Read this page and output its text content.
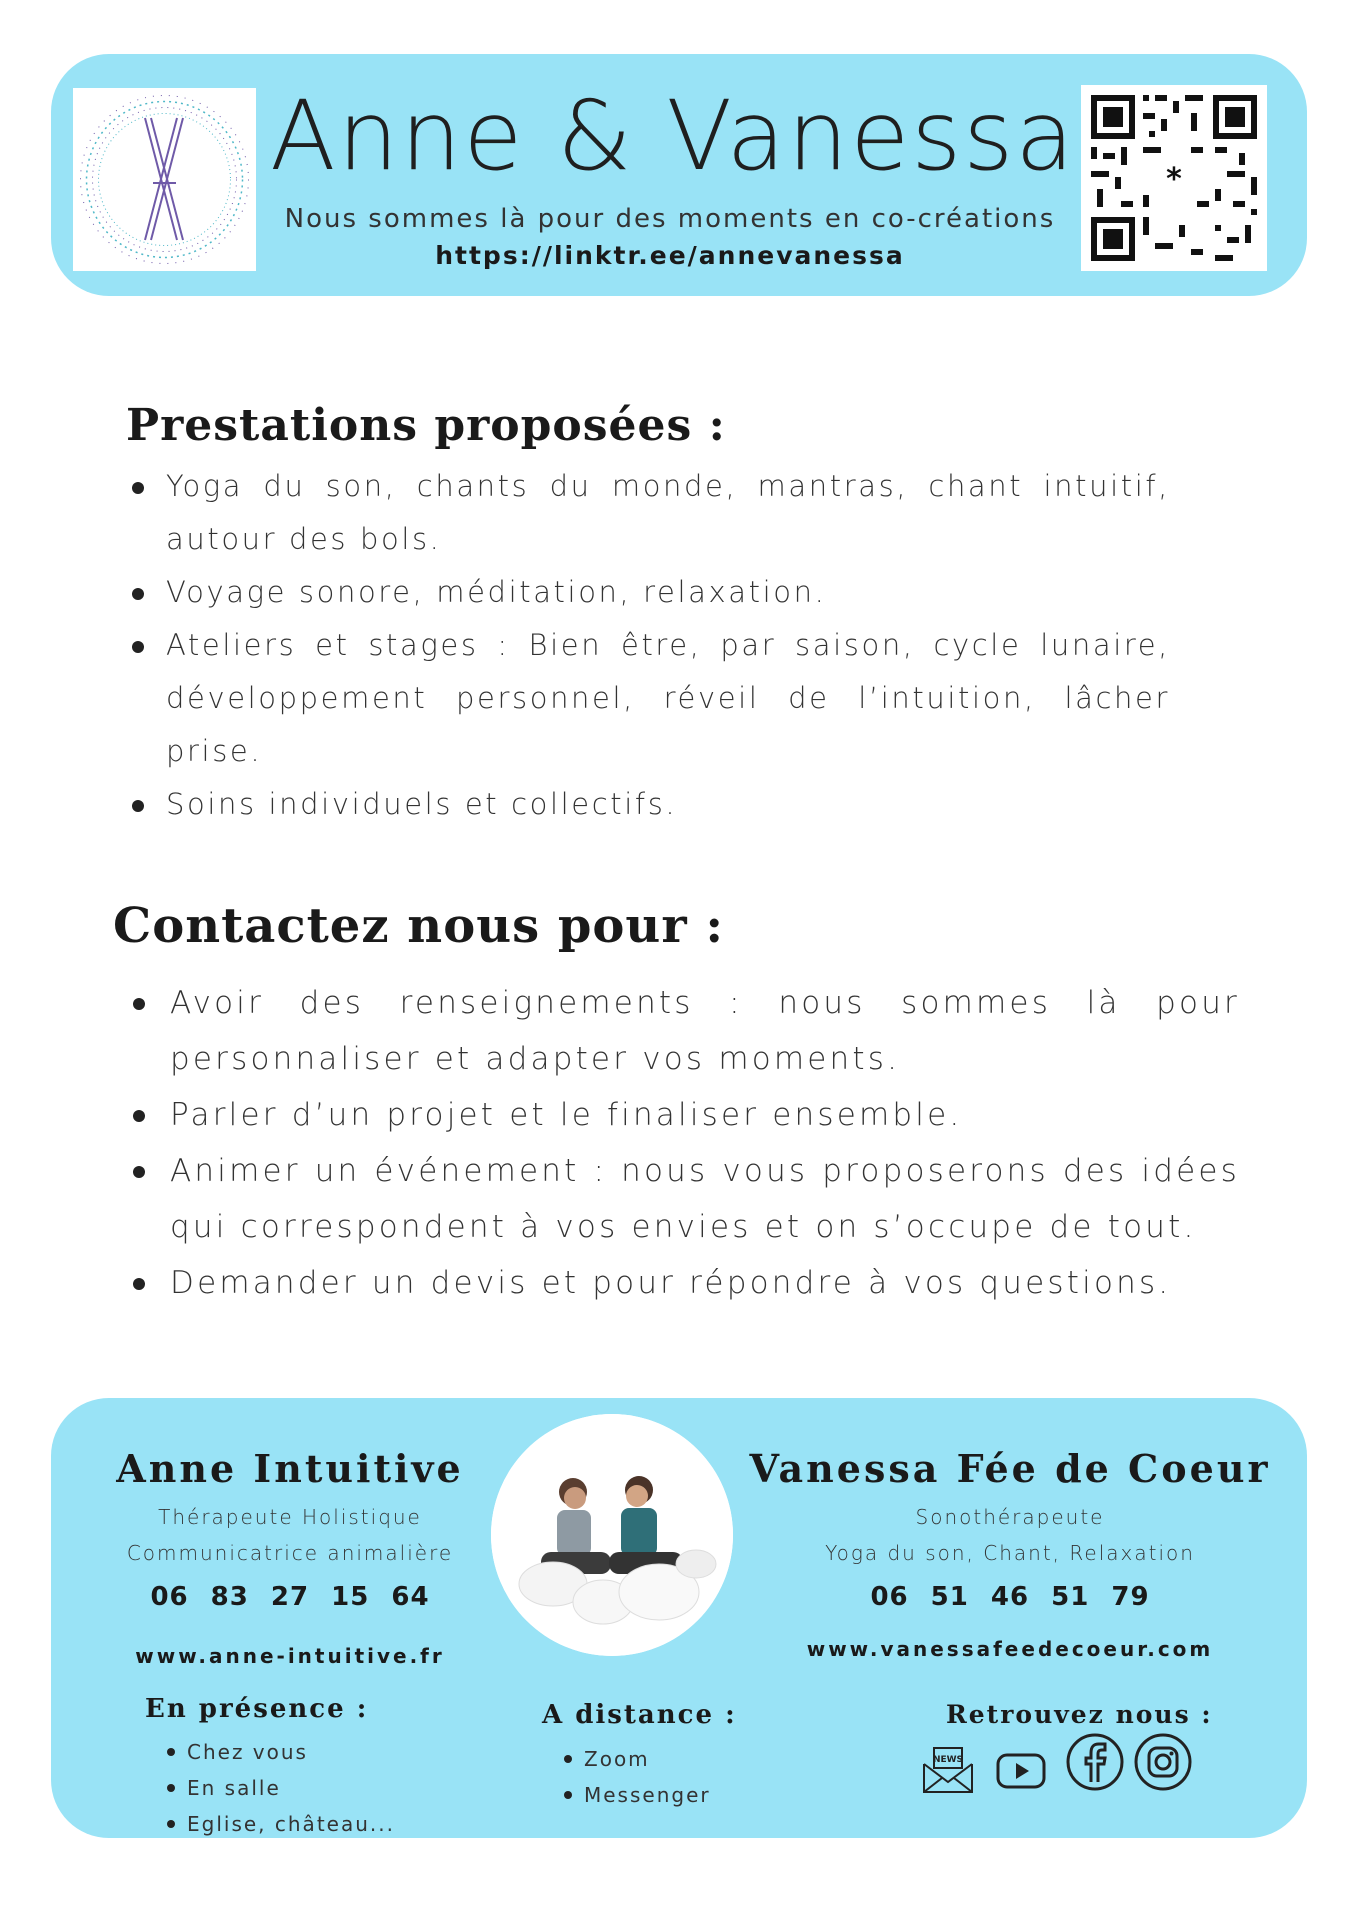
Anne & Vanessa
Nous sommes là pour des moments en co-créations
https://linktr.ee/annevanessa
*
Prestations proposées :
Yoga du son, chants du monde, mantras, chant intuitif, autour des bols.
Voyage sonore, méditation, relaxation.
Ateliers et stages : Bien être, par saison, cycle lunaire, développement personnel, réveil de l’intuition, lâcher prise.
Soins individuels et collectifs.
Contactez nous pour :
Avoir des renseignements : nous sommes là pour personnaliser et adapter vos moments.
Parler d’un projet et le finaliser ensemble.
Animer un événement : nous vous proposerons des idées qui correspondent à vos envies et on s’occupe de tout.
Demander un devis et pour répondre à vos questions.
Anne Intuitive
Thérapeute Holistique
Communicatrice animalière
06 83 27 15 64
www.anne-intuitive.fr
Vanessa Fée de Coeur
Sonothérapeute
Yoga du son, Chant, Relaxation
06 51 46 51 79
www.vanessafeedecoeur.com
En présence :
Chez vous
En salle
Eglise, château...
A distance :
Zoom
Messenger
Retrouvez nous :
NEWS
